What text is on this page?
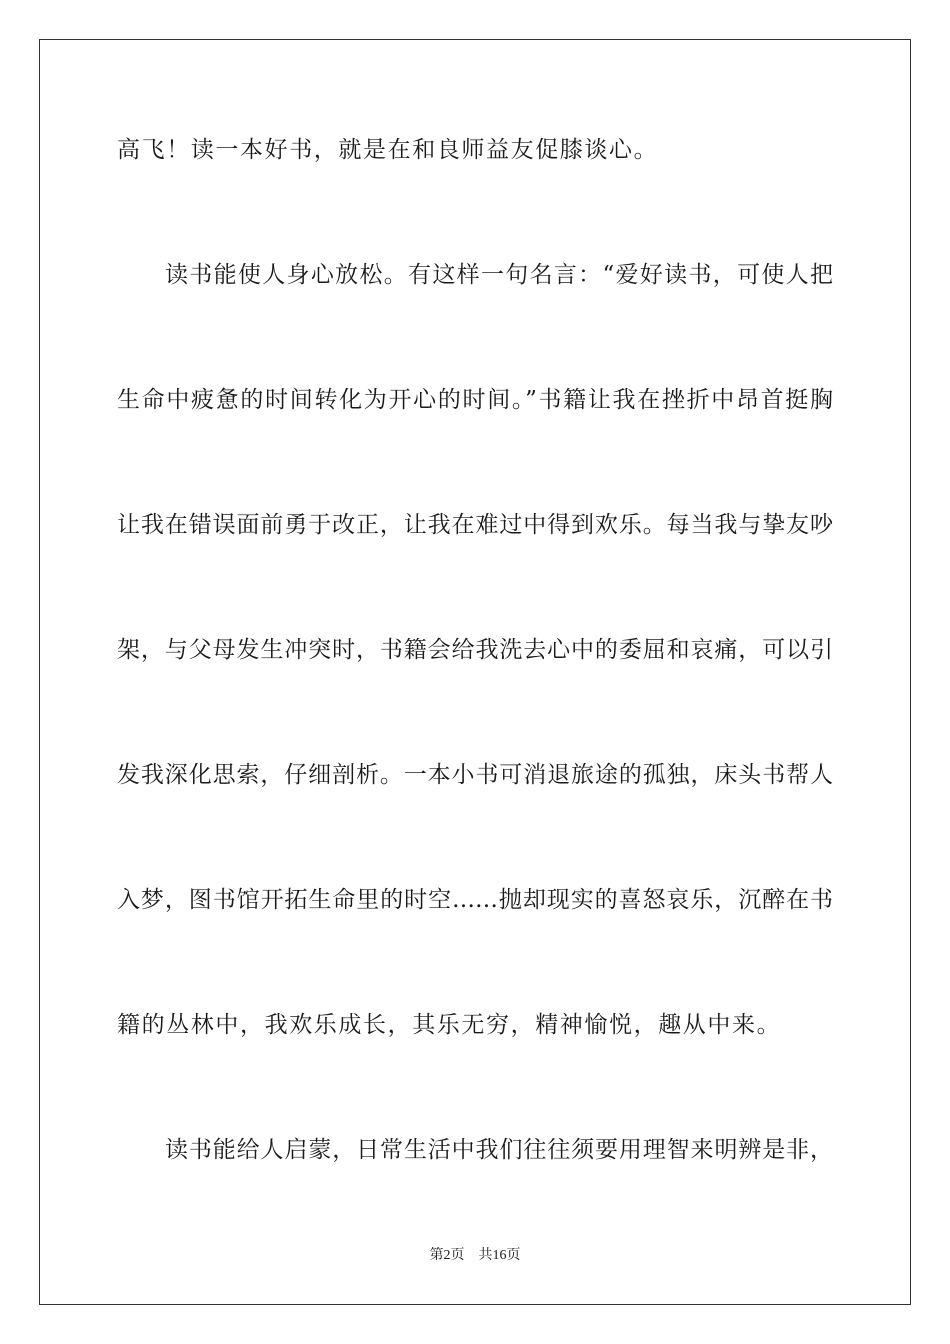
高飞！读一本好书，就是在和良师益友促膝谈心。
读书能使人身心放松。有这样一句名言：“爱好读书，可使人把
生命中疲惫的时间转化为开心的时间。”书籍让我在挫折中昂首挺胸
让我在错误面前勇于改正，让我在难过中得到欢乐。每当我与挚友吵
架，与父母发生冲突时，书籍会给我洗去心中的委屈和哀痛，可以引
发我深化思索，仔细剖析。一本小书可消退旅途的孤独，床头书帮人
入梦，图书馆开拓生命里的时空……抛却现实的喜怒哀乐，沉醉在书
籍的丛林中，我欢乐成长，其乐无穷，精神愉悦，趣从中来。
读书能给人启蒙，日常生活中我们往往须要用理智来明辨是非，
第2页 共16页
